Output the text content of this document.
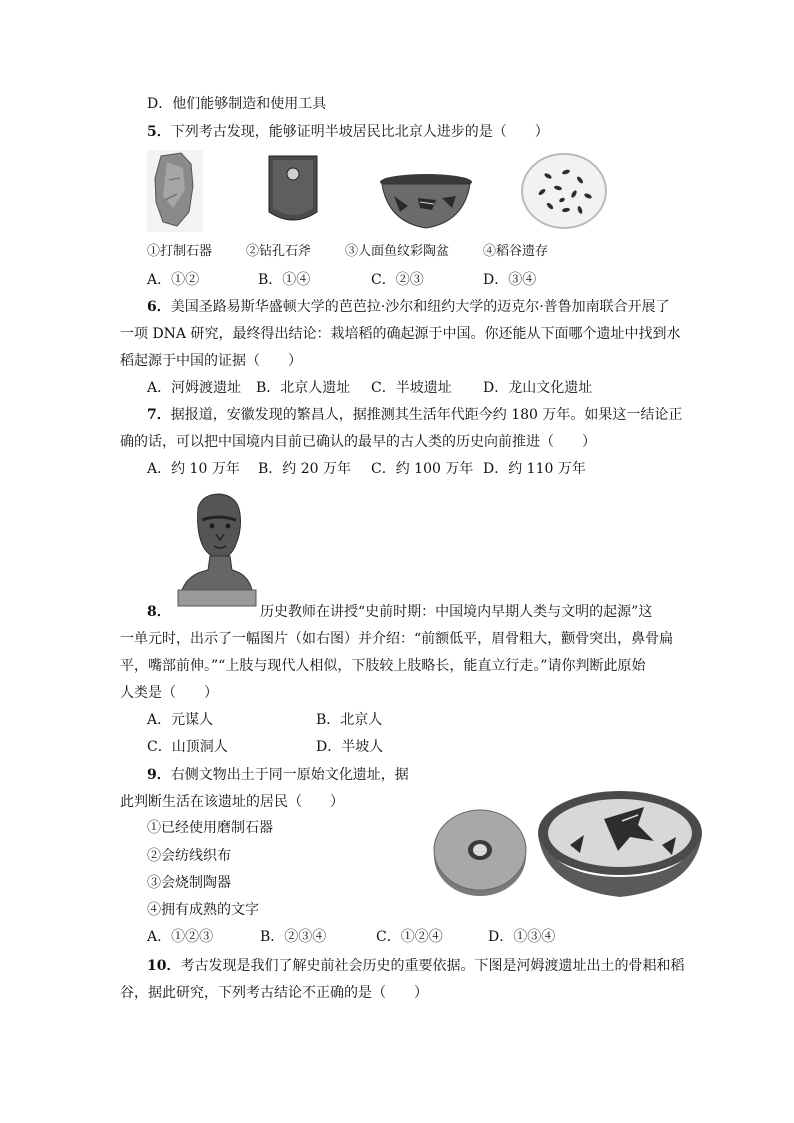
D．他们能够制造和使用工具
5．下列考古发现，能够证明半坡居民比北京人进步的是（　　）
①打制石器	②钻孔石斧	③人面鱼纹彩陶盆	④稻谷遗存
A．①②	B．①④	C．②③	D．③④
6．美国圣路易斯华盛顿大学的芭芭拉·沙尔和纽约大学的迈克尔·普鲁加南联合开展了
一项 DNA 研究，最终得出结论：栽培稻的确起源于中国。你还能从下面哪个遗址中找到水
稻起源于中国的证据（　　）
A．河姆渡遗址 B．北京人遗址 C．半坡遗址 D．龙山文化遗址
7．据报道，安徽发现的繁昌人，据推测其生活年代距今约 180 万年。如果这一结论正
确的话，可以把中国境内目前已确认的最早的古人类的历史向前推进（　　）
A．约 10 万年 B．约 20 万年 C．约 100 万年 D．约 110 万年
8．	历史教师在讲授“史前时期：中国境内早期人类与文明的起源”这
一单元时，出示了一幅图片（如右图）并介绍：“前额低平，眉骨粗大，颧骨突出，鼻骨扁
平，嘴部前伸。”“上肢与现代人相似，下肢较上肢略长，能直立行走。”请你判断此原始
人类是（　　）
A．元谋人	B．北京人
C．山顶洞人	D．半坡人
9．右侧文物出土于同一原始文化遗址，据
此判断生活在该遗址的居民（　　）
①已经使用磨制石器
②会纺线织布
③会烧制陶器
④拥有成熟的文字
A．①②③	B．②③④	C．①②④	D．①③④
10．考古发现是我们了解史前社会历史的重要依据。下图是河姆渡遗址出土的骨耜和稻
谷，据此研究，下列考古结论不正确的是（　　）
